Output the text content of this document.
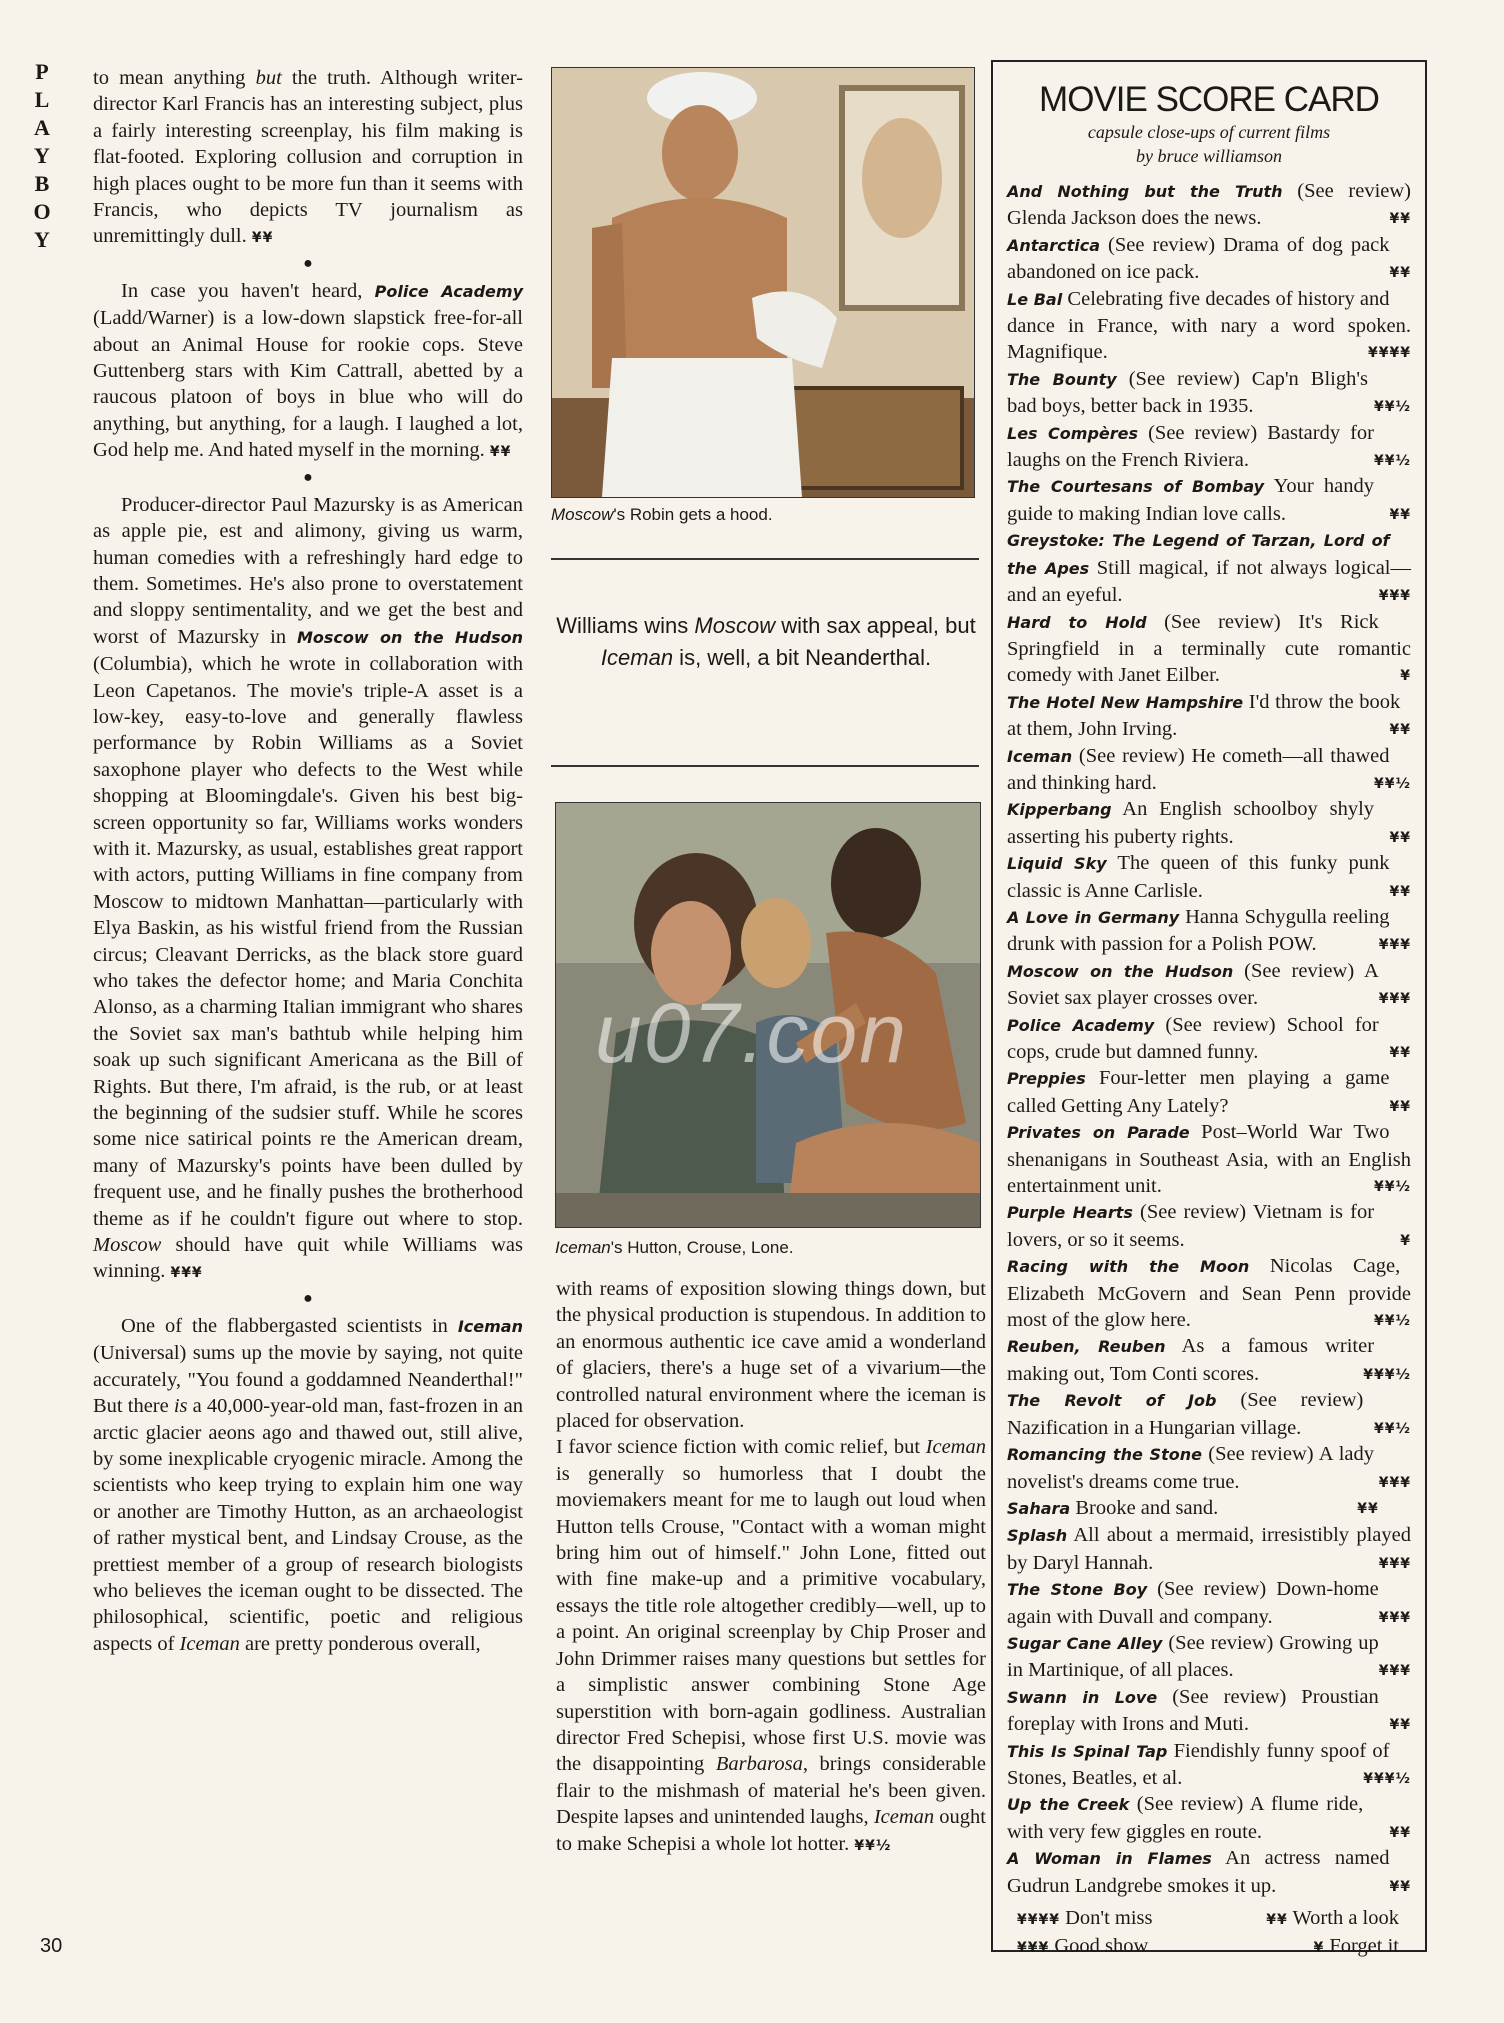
P
L
A
Y
B
O
Y

to mean anything but the truth. Although writer-director Karl Francis has an interesting subject, plus a fairly interesting screenplay, his film making is flat-footed. Exploring collusion and corruption in high places ought to be more fun than it seems with Francis, who depicts TV journalism as unremittingly dull. ¥¥

●

In case you haven't heard, Police Academy (Ladd/Warner) is a low-down slapstick free-for-all about an Animal House for rookie cops. Steve Guttenberg stars with Kim Cattrall, abetted by a raucous platoon of boys in blue who will do anything, but anything, for a laugh. I laughed a lot, God help me. And hated myself in the morning. ¥¥

●

Producer-director Paul Mazursky is as American as apple pie, est and alimony, giving us warm, human comedies with a refreshingly hard edge to them. Sometimes. He's also prone to overstatement and sloppy sentimentality, and we get the best and worst of Mazursky in Moscow on the Hudson (Columbia), which he wrote in collaboration with Leon Capetanos. The movie's triple-A asset is a low-key, easy-to-love and generally flawless performance by Robin Williams as a Soviet saxophone player who defects to the West while shopping at Bloomingdale's. Given his best big-screen opportunity so far, Williams works wonders with it. Mazursky, as usual, establishes great rapport with actors, putting Williams in fine company from Moscow to midtown Manhattan—particularly with Elya Baskin, as his wistful friend from the Russian circus; Cleavant Derricks, as the black store guard who takes the defector home; and Maria Conchita Alonso, as a charming Italian immigrant who shares the Soviet sax man's bathtub while helping him soak up such significant Americana as the Bill of Rights. But there, I'm afraid, is the rub, or at least the beginning of the sudsier stuff. While he scores some nice satirical points re the American dream, many of Mazursky's points have been dulled by frequent use, and he finally pushes the brotherhood theme as if he couldn't figure out where to stop. Moscow should have quit while Williams was winning. ¥¥¥

●

One of the flabbergasted scientists in Iceman (Universal) sums up the movie by saying, not quite accurately, "You found a goddamned Neanderthal!" But there is a 40,000-year-old man, fast-frozen in an arctic glacier aeons ago and thawed out, still alive, by some inexplicable cryogenic miracle. Among the scientists who keep trying to explain him one way or another are Timothy Hutton, as an archaeologist of rather mystical bent, and Lindsay Crouse, as the prettiest member of a group of research biologists who believes the iceman ought to be dissected. The philosophical, scientific, poetic and religious aspects of Iceman are pretty ponderous overall,

Moscow's Robin gets a hood.
Williams wins Moscow with sax appeal, but Iceman is, well, a bit Neanderthal.
Iceman's Hutton, Crouse, Lone.

with reams of exposition slowing things down, but the physical production is stupendous. In addition to an enormous authentic ice cave amid a wonderland of glaciers, there's a huge set of a vivarium—the controlled natural environment where the iceman is placed for observation.

I favor science fiction with comic relief, but Iceman is generally so humorless that I doubt the moviemakers meant for me to laugh out loud when Hutton tells Crouse, "Contact with a woman might bring him out of himself." John Lone, fitted out with fine make-up and a primitive vocabulary, essays the title role altogether credibly—well, up to a point. An original screenplay by Chip Proser and John Drimmer raises many questions but settles for a simplistic answer combining Stone Age superstition with born-again godliness. Australian director Fred Schepisi, whose first U.S. movie was the disappointing Barbarosa, brings considerable flair to the mishmash of material he's been given. Despite lapses and unintended laughs, Iceman ought to make Schepisi a whole lot hotter. ¥¥½

u07.con
MOVIE SCORE CARD
capsule close-ups of current films
by bruce williamson
And Nothing but the Truth (See review) Glenda Jackson does the news.	¥¥
Antarctica (See review) Drama of dog pack abandoned on ice pack.	¥¥
Le Bal Celebrating five decades of history and dance in France, with nary a word spoken. Magnifique.	¥¥¥¥
The Bounty (See review) Cap'n Bligh's bad boys, better back in 1935.	¥¥½
Les Compères (See review) Bastardy for laughs on the French Riviera.	¥¥½
The Courtesans of Bombay Your handy guide to making Indian love calls.	¥¥
Greystoke: The Legend of Tarzan, Lord of the Apes Still magical, if not always logical—and an eyeful.	¥¥¥
Hard to Hold (See review) It's Rick Springfield in a terminally cute romantic comedy with Janet Eilber.	¥
The Hotel New Hampshire I'd throw the book at them, John Irving.	¥¥
Iceman (See review) He cometh—all thawed and thinking hard.	¥¥½
Kipperbang An English schoolboy shyly asserting his puberty rights.	¥¥
Liquid Sky The queen of this funky punk classic is Anne Carlisle.	¥¥
A Love in Germany Hanna Schygulla reeling drunk with passion for a Polish POW.	¥¥¥
Moscow on the Hudson (See review) A Soviet sax player crosses over.	¥¥¥
Police Academy (See review) School for cops, crude but damned funny.	¥¥
Preppies Four-letter men playing a game called Getting Any Lately?	¥¥
Privates on Parade Post–World War Two shenanigans in Southeast Asia, with an English entertainment unit.	¥¥½
Purple Hearts (See review) Vietnam is for lovers, or so it seems.	¥
Racing with the Moon Nicolas Cage, Elizabeth McGovern and Sean Penn provide most of the glow here.	¥¥½
Reuben, Reuben As a famous writer making out, Tom Conti scores.	¥¥¥½
The Revolt of Job (See review) Nazification in a Hungarian village.	¥¥½
Romancing the Stone (See review) A lady novelist's dreams come true.	¥¥¥
Sahara Brooke and sand.	¥¥
Splash All about a mermaid, irresistibly played by Daryl Hannah.	¥¥¥
The Stone Boy (See review) Down-home again with Duvall and company.	¥¥¥
Sugar Cane Alley (See review) Growing up in Martinique, of all places.	¥¥¥
Swann in Love (See review) Proustian foreplay with Irons and Muti.	¥¥
This Is Spinal Tap Fiendishly funny spoof of Stones, Beatles, et al.	¥¥¥½
Up the Creek (See review) A flume ride, with very few giggles en route.	¥¥
A Woman in Flames An actress named Gudrun Landgrebe smokes it up.	¥¥
¥¥¥¥ Don't miss	¥¥ Worth a look
¥¥¥ Good show	¥ Forget it
30
